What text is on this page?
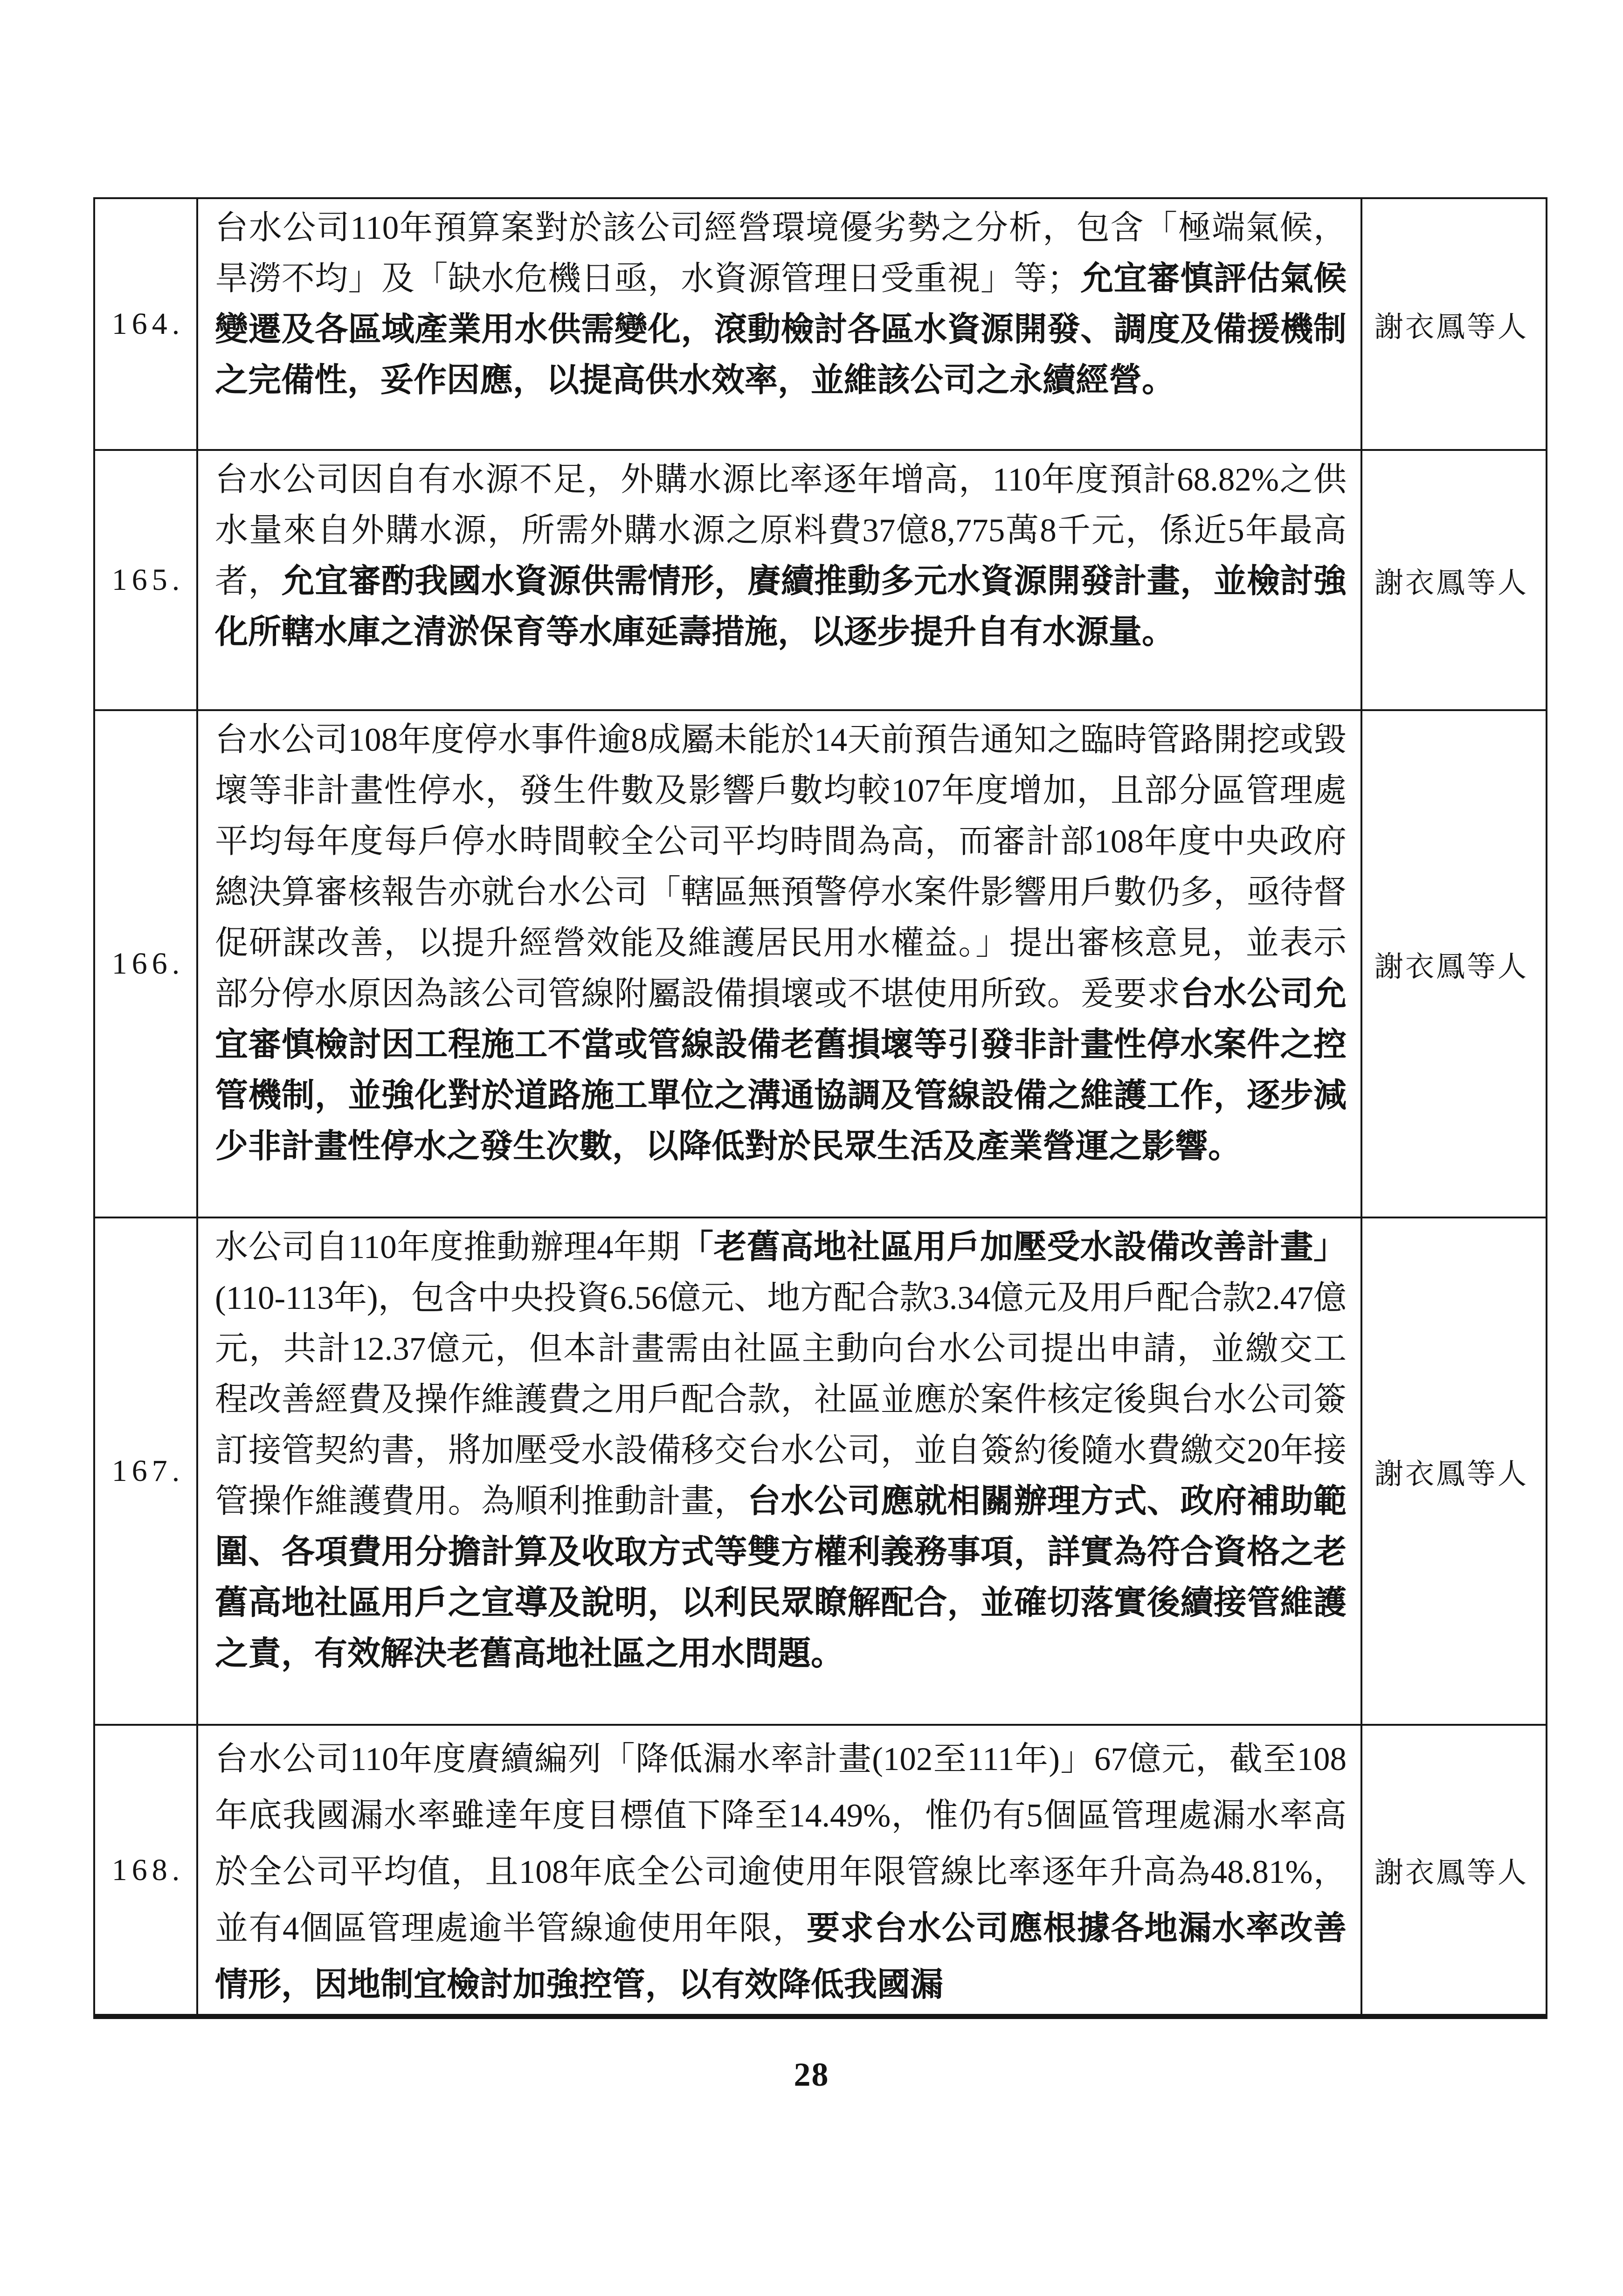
164.
台水公司110年預算案對於該公司經營環境優劣勢之分析，包含「極端氣候，旱澇不均」及「缺水危機日亟，水資源管理日受重視」等；允宜審慎評估氣候變遷及各區域產業用水供需變化，滾動檢討各區水資源開發、調度及備援機制之完備性，妥作因應，以提高供水效率，並維該公司之永續經營。
謝衣鳳等人
165.
台水公司因自有水源不足，外購水源比率逐年增高，110年度預計68.82%之供水量來自外購水源，所需外購水源之原料費37億8,775萬8千元，係近5年最高者，允宜審酌我國水資源供需情形，賡續推動多元水資源開發計畫，並檢討強化所轄水庫之清淤保育等水庫延壽措施，以逐步提升自有水源量。
謝衣鳳等人
166.
台水公司108年度停水事件逾8成屬未能於14天前預告通知之臨時管路開挖或毀壞等非計畫性停水，發生件數及影響戶數均較107年度增加，且部分區管理處平均每年度每戶停水時間較全公司平均時間為高，而審計部108年度中央政府總決算審核報告亦就台水公司「轄區無預警停水案件影響用戶數仍多，亟待督促研謀改善，以提升經營效能及維護居民用水權益。」提出審核意見，並表示部分停水原因為該公司管線附屬設備損壞或不堪使用所致。爰要求台水公司允宜審慎檢討因工程施工不當或管線設備老舊損壞等引發非計畫性停水案件之控管機制，並強化對於道路施工單位之溝通協調及管線設備之維護工作，逐步減少非計畫性停水之發生次數，以降低對於民眾生活及產業營運之影響。
謝衣鳳等人
167.
水公司自110年度推動辦理4年期「老舊高地社區用戶加壓受水設備改善計畫」(110-113年)，包含中央投資6.56億元、地方配合款3.34億元及用戶配合款2.47億元，共計12.37億元，但本計畫需由社區主動向台水公司提出申請，並繳交工程改善經費及操作維護費之用戶配合款，社區並應於案件核定後與台水公司簽訂接管契約書，將加壓受水設備移交台水公司，並自簽約後隨水費繳交20年接管操作維護費用。為順利推動計畫，台水公司應就相關辦理方式、政府補助範圍、各項費用分擔計算及收取方式等雙方權利義務事項，詳實為符合資格之老舊高地社區用戶之宣導及說明，以利民眾瞭解配合，並確切落實後續接管維護之責，有效解決老舊高地社區之用水問題。
謝衣鳳等人
168.
台水公司110年度賡續編列「降低漏水率計畫(102至111年)」67億元，截至108年底我國漏水率雖達年度目標值下降至14.49%，惟仍有5個區管理處漏水率高於全公司平均值，且108年底全公司逾使用年限管線比率逐年升高為48.81%，並有4個區管理處逾半管線逾使用年限，要求台水公司應根據各地漏水率改善情形，因地制宜檢討加強控管，以有效降低我國漏
謝衣鳳等人
28
